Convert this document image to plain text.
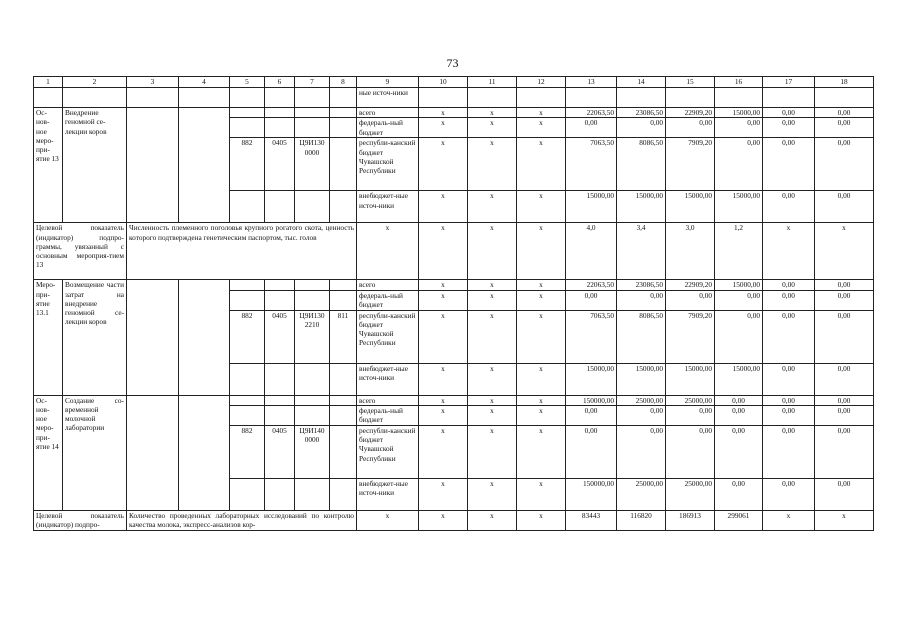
73
1	2	3	4	5	6	7	8	9	10	11	12	13	14	15	16	17	18
								ные источ-ники									
Ос-нов-ное меро-при-ятие 13	Внедрение геномной се-лекции коров							всего	x	x	x	22063,50	23086,50	22909,20	15000,00	0,00	0,00
								федераль-ный бюджет	x	x	x	0,00	0,00	0,00	0,00	0,00	0,00
				882	0405	Ц9И130 0000		республи-канский бюджет Чувашской Республики	x	x	x	7063,50	8086,50	7909,20	0,00	0,00	0,00
								внебюджет-ные источ-ники	x	x	x	15000,00	15000,00	15000,00	15000,00	0,00	0,00
Целевой показатель (индикатор) подпро-граммы, увязанный с основным мероприя-тием 13		Численность племенного поголовья крупного рогатого скота, ценность которого подтверждена генетическим паспортом, тыс. голов						x	x	x	x	4,0	3,4	3,0	1,2	x	x
Меро-при-ятие 13.1	Возмещение части затрат на внедрение геномной се-лекции коров							всего	x	x	x	22063,50	23086,50	22909,20	15000,00	0,00	0,00
								федераль-ный бюджет	x	x	x	0,00	0,00	0,00	0,00	0,00	0,00
				882	0405	Ц9И130 2210	811	республи-канский бюджет Чувашской Республики	x	x	x	7063,50	8086,50	7909,20	0,00	0,00	0,00
								внебюджет-ные источ-ники	x	x	x	15000,00	15000,00	15000,00	15000,00	0,00	0,00
Ос-нов-ное меро-при-ятие 14	Создание со-временной молочной лаборатории							всего	x	x	x	150000,00	25000,00	25000,00	0,00	0,00	0,00
								федераль-ный бюджет	x	x	x	0,00	0,00	0,00	0,00	0,00	0,00
				882	0405	Ц9И140 0000		республи-канский бюджет Чувашской Республики	x	x	x	0,00	0,00	0,00	0,00	0,00	0,00
								внебюджет-ные источ-ники	x	x	x	150000,00	25000,00	25000,00	0,00	0,00	0,00
Целевой показатель (индикатор) подпро-		Количество проведенных лабораторных исследований по контролю качества молока, экспресс-анализов кор-						x	x	x	x	83443	116820	186913	299061	x	x
